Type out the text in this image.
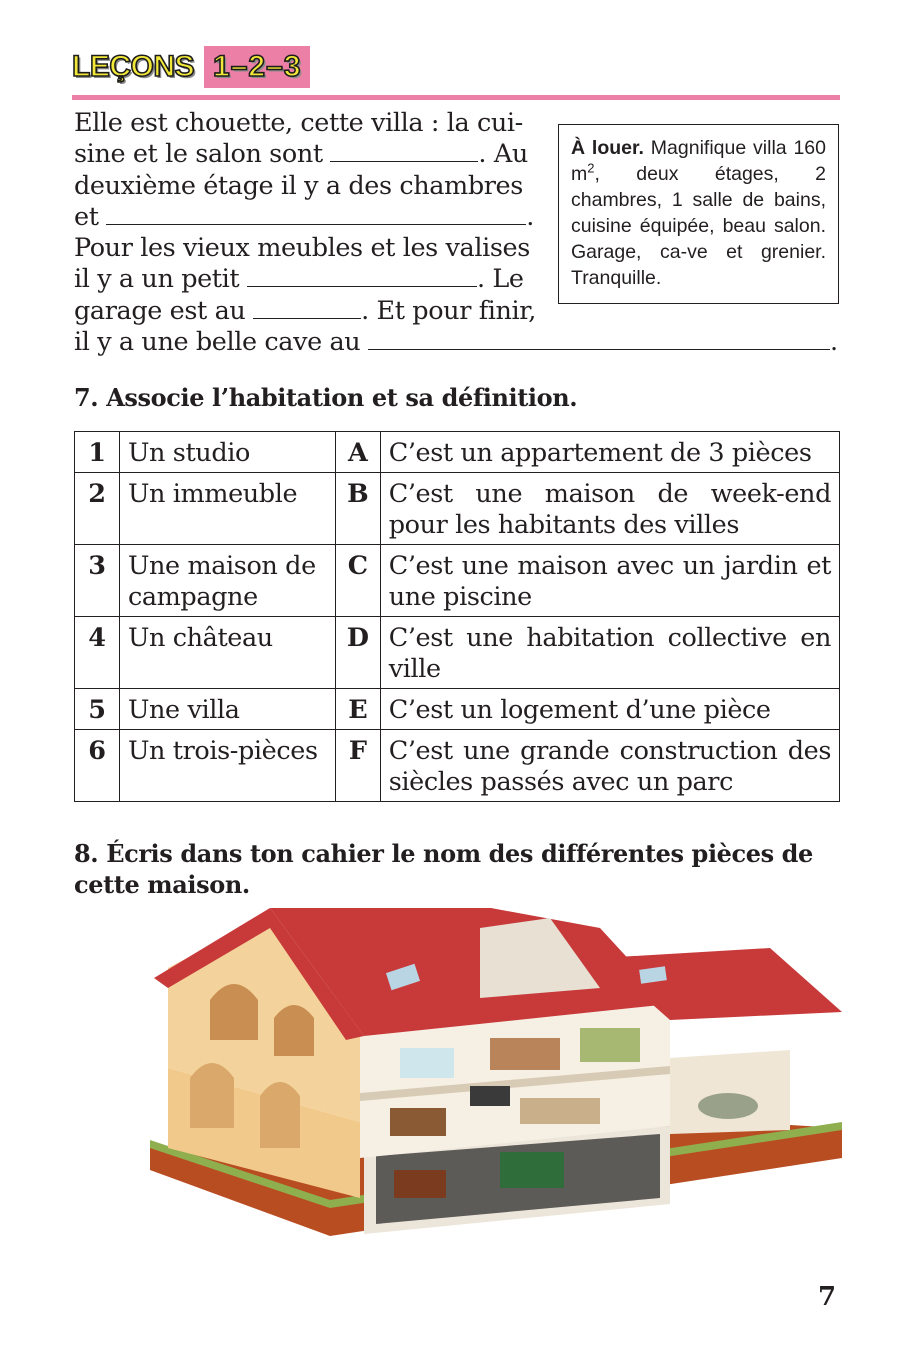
LEÇONS 1–2–3
Elle est chouette, cette villa : la cui-
sine et le salon sont	. Au
deuxième étage il y a des chambres
et	.
Pour les vieux meubles et les valises
il y a un petit	. Le
garage est au	. Et pour finir,
il y a une belle cave au	.
À louer. Magnifique villa 160 $m^2$, deux étages, 2 chambres, 1 salle de bains, cuisine équipée, beau salon. Garage, ca-ve et grenier. Tranquille.
7. Associe l’habitation et sa définition.
1	Un studio	A	C’est un appartement de 3 pièces
2	Un immeuble	B	C’est une maison de week-end pour les habitants des villes
3	Une maison de campagne	C	C’est une maison avec un jardin et une piscine
4	Un château	D	C’est une habitation collective en ville
5	Une villa	E	C’est un logement d’une pièce
6	Un trois-pièces	F	C’est une grande construction des siècles passés avec un parc
8. Écris dans ton cahier le nom des différentes pièces de
cette maison.
7
